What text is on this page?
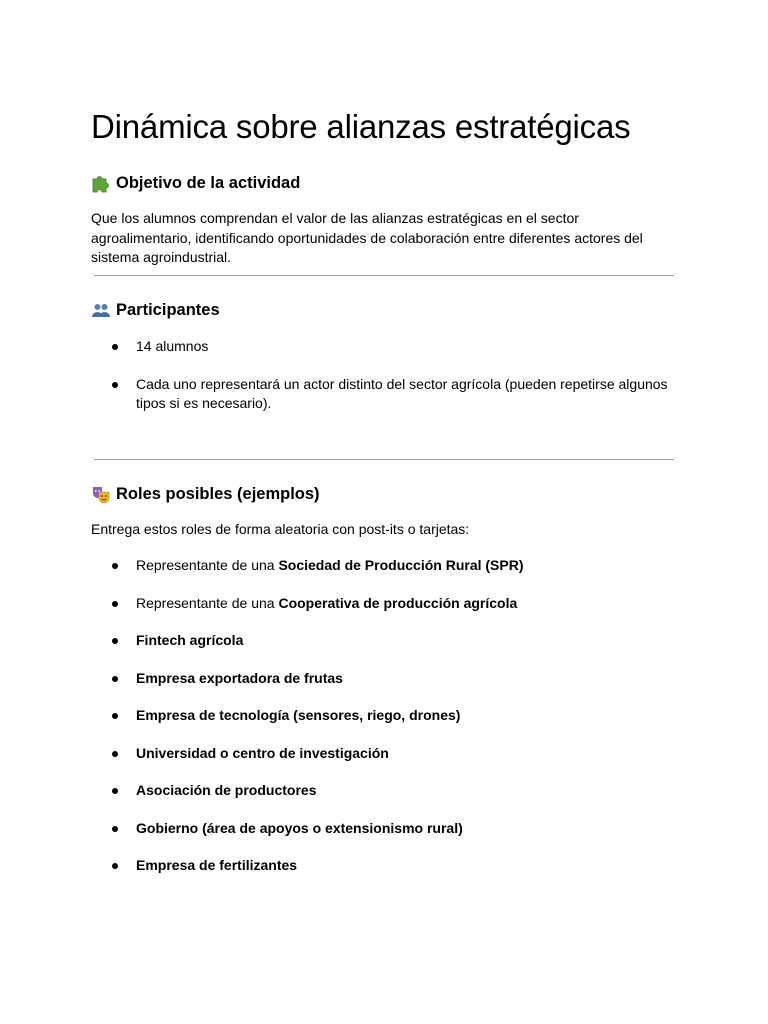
Dinámica sobre alianzas estratégicas
Objetivo de la actividad

Que los alumnos comprendan el valor de las alianzas estratégicas en el sector agroalimentario, identificando oportunidades de colaboración entre diferentes actores del sistema agroindustrial.

Participantes
14 alumnos
Cada uno representará un actor distinto del sector agrícola (pueden repetirse algunos tipos si es necesario).
Roles posibles (ejemplos)

Entrega estos roles de forma aleatoria con post-its o tarjetas:

Representante de una Sociedad de Producción Rural (SPR)
Representante de una Cooperativa de producción agrícola
Fintech agrícola
Empresa exportadora de frutas
Empresa de tecnología (sensores, riego, drones)
Universidad o centro de investigación
Asociación de productores
Gobierno (área de apoyos o extensionismo rural)
Empresa de fertilizantes
